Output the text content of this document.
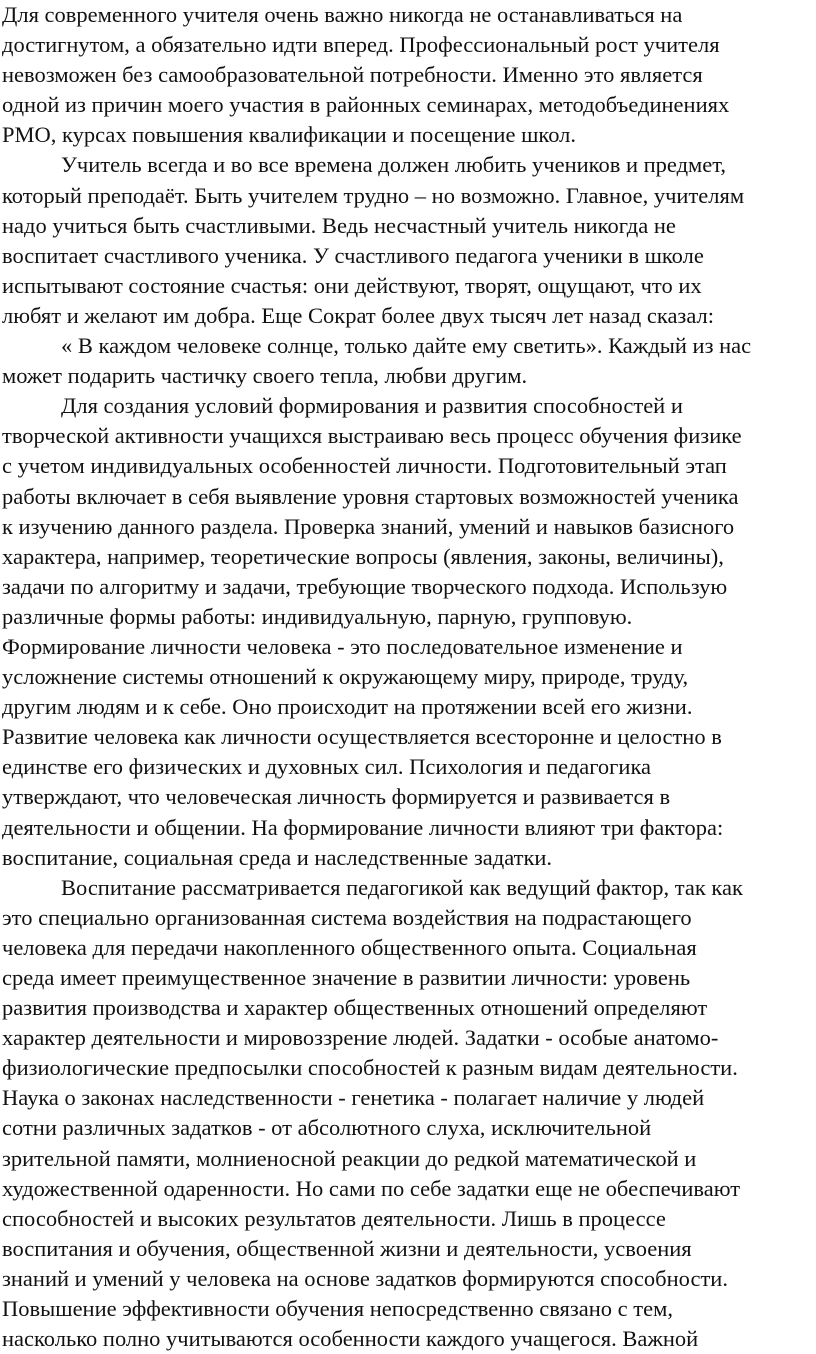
Для современного учителя очень важно никогда не останавливаться на
достигнутом, а обязательно идти вперед. Профессиональный рост учителя
невозможен без самообразовательной потребности. Именно это является
одной из причин моего участия в районных семинарах, методобъединениях
РМО, курсах повышения квалификации и посещение школ.

Учитель всегда и во все времена должен любить учеников и предмет,
который преподаёт. Быть учителем трудно – но возможно. Главное, учителям
надо учиться быть счастливыми. Ведь несчастный учитель никогда не
воспитает счастливого ученика. У счастливого педагога ученики в школе
испытывают состояние счастья: они действуют, творят, ощущают, что их
любят и желают им добра. Еще Сократ более двух тысяч лет назад сказал:

« В каждом человеке солнце, только дайте ему светить». Каждый из нас
может подарить частичку своего тепла, любви другим.

Для создания условий формирования и развития способностей и
творческой активности учащихся выстраиваю весь процесс обучения физике
с учетом индивидуальных особенностей личности. Подготовительный этап
работы включает в себя выявление уровня стартовых возможностей ученика
к изучению данного раздела. Проверка знаний, умений и навыков базисного
характера, например, теоретические вопросы (явления, законы, величины),
задачи по алгоритму и задачи, требующие творческого подхода. Использую
различные формы работы: индивидуальную, парную, групповую.
Формирование личности человека - это последовательное изменение и
усложнение системы отношений к окружающему миру, природе, труду,
другим людям и к себе. Оно происходит на протяжении всей его жизни.
Развитие человека как личности осуществляется всесторонне и целостно в
единстве его физических и духовных сил. Психология и педагогика
утверждают, что человеческая личность формируется и развивается в
деятельности и общении. На формирование личности влияют три фактора:
воспитание, социальная среда и наследственные задатки.

Воспитание рассматривается педагогикой как ведущий фактор, так как
это специально организованная система воздействия на подрастающего
человека для передачи накопленного общественного опыта. Социальная
среда имеет преимущественное значение в развитии личности: уровень
развития производства и характер общественных отношений определяют
характер деятельности и мировоззрение людей. Задатки - особые анатомо-
физиологические предпосылки способностей к разным видам деятельности.
Наука о законах наследственности - генетика - полагает наличие у людей
сотни различных задатков - от абсолютного слуха, исключительной
зрительной памяти, молниеносной реакции до редкой математической и
художественной одаренности. Но сами по себе задатки еще не обеспечивают
способностей и высоких результатов деятельности. Лишь в процессе
воспитания и обучения, общественной жизни и деятельности, усвоения
знаний и умений у человека на основе задатков формируются способности.
Повышение эффективности обучения непосредственно связано с тем,
насколько полно учитываются особенности каждого учащегося. Важной
